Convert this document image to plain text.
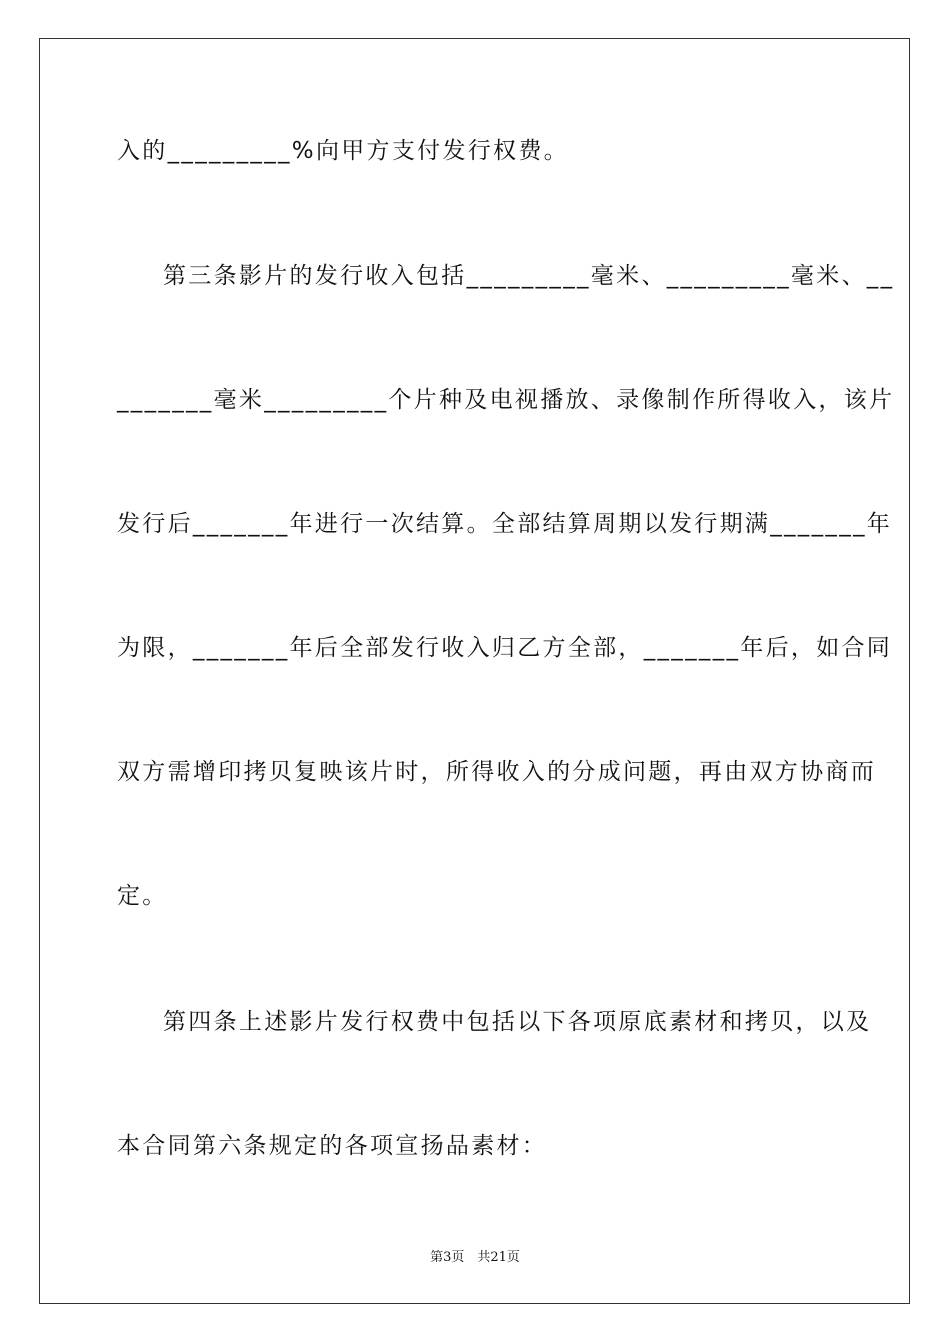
入的_________%向甲方支付发行权费。
第三条影片的发行收入包括_________毫米、_________毫米、__
_______毫米_________个片种及电视播放、录像制作所得收入，该片
发行后_______年进行一次结算。全部结算周期以发行期满_______年
为限，_______年后全部发行收入归乙方全部，_______年后，如合同
双方需增印拷贝复映该片时，所得收入的分成问题，再由双方协商而
定。
第四条上述影片发行权费中包括以下各项原底素材和拷贝，以及
本合同第六条规定的各项宣扬品素材：
第3页　共21页
